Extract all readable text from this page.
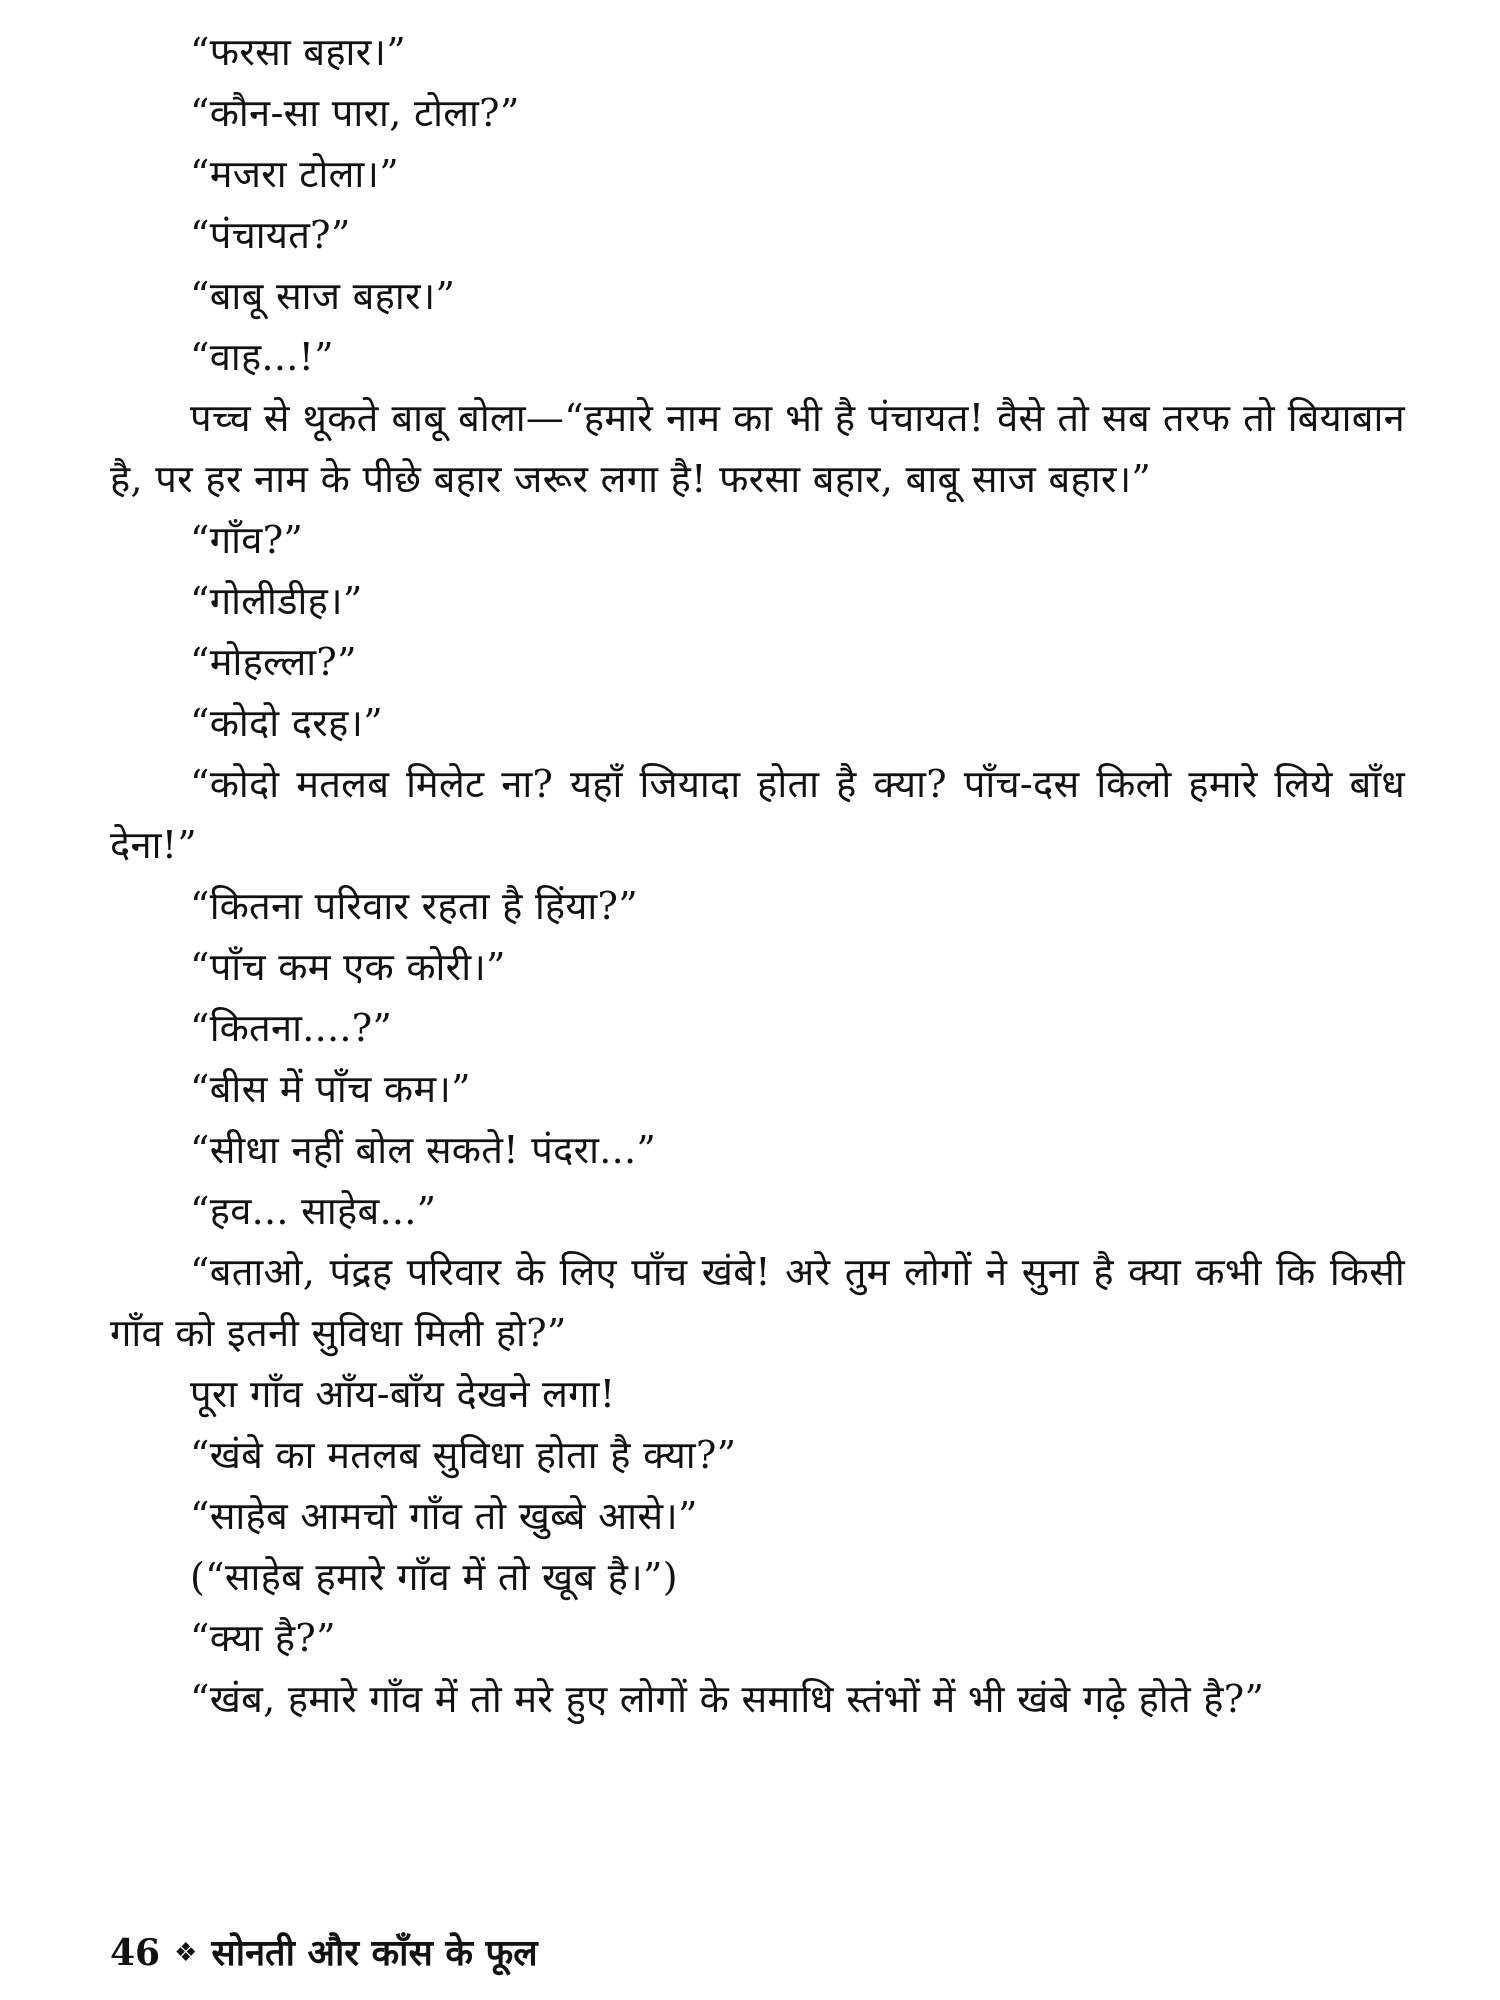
“फरसा बहार।”

“कौन-सा पारा, टोला?”

“मजरा टोला।”

“पंचायत?”

“बाबू साज बहार।”

“वाह...!”

पच्च से थूकते बाबू बोला—“हमारे नाम का भी है पंचायत! वैसे तो सब तरफ तो बियाबान है, पर हर नाम के पीछे बहार जरूर लगा है! फरसा बहार, बाबू साज बहार।”

“गाँव?”

“गोलीडीह।”

“मोहल्ला?”

“कोदो दरह।”

“कोदो मतलब मिलेट ना? यहाँ जियादा होता है क्या? पाँच-दस किलो हमारे लिये बाँध देना!”

“कितना परिवार रहता है हिंया?”

“पाँच कम एक कोरी।”

“कितना....?”

“बीस में पाँच कम।”

“सीधा नहीं बोल सकते! पंदरा...”

“हव... साहेब...”

“बताओ, पंद्रह परिवार के लिए पाँच खंबे! अरे तुम लोगों ने सुना है क्या कभी कि किसी गाँव को इतनी सुविधा मिली हो?”

पूरा गाँव आँय-बाँय देखने लगा!

“खंबे का मतलब सुविधा होता है क्या?”

“साहेब आमचो गाँव तो खुब्बे आसे।”

(“साहेब हमारे गाँव में तो खूब है।”)

“क्या है?”

“खंब, हमारे गाँव में तो मरे हुए लोगों के समाधि स्तंभों में भी खंबे गढ़े होते है?”

46 ❖ सोनती और काँस के फूल
